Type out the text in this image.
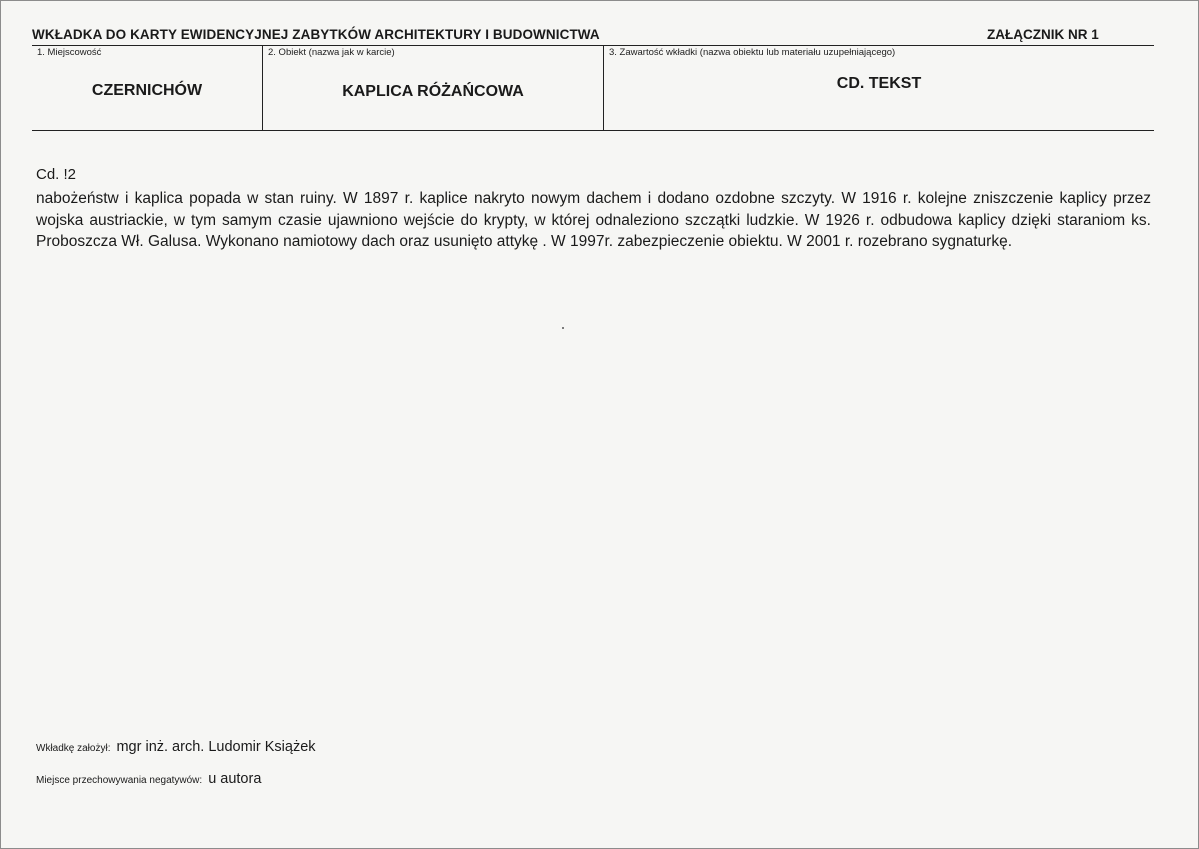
WKŁADKA DO KARTY EWIDENCYJNEJ ZABYTKÓW ARCHITEKTURY I BUDOWNICTWA	ZAŁĄCZNIK NR 1
1. Miejscowość
CZERNICHÓW
2. Obiekt (nazwa jak w karcie)
KAPLICA RÓŻAŃCOWA
3. Zawartość wkładki (nazwa obiektu lub materiału uzupełniającego)
CD. TEKST
Cd. !2
nabożeństw i kaplica popada w stan ruiny. W 1897 r. kaplice nakryto nowym dachem i dodano ozdobne szczyty. W 1916 r. kolejne zniszczenie kaplicy przez wojska austriackie, w tym samym czasie ujawniono wejście do krypty, w której odnaleziono szczątki ludzkie. W 1926 r. odbudowa kaplicy dzięki staraniom ks. Proboszcza Wł. Galusa. Wykonano namiotowy dach oraz usunięto attykę . W 1997r. zabezpieczenie obiektu. W 2001 r. rozebrano sygnaturkę.
Wkładkę założył: mgr inż. arch. Ludomir Książek
Miejsce przechowywania negatywów: u autora
